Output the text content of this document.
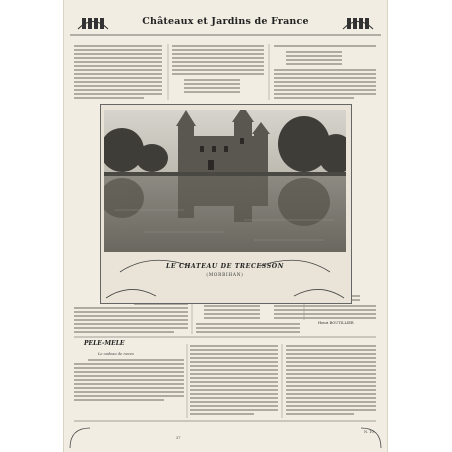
Châteaux et Jardins de France
LE CHATEAU DE TRECESSON
(MORBIHAN)
Henri BOUTILLIER
PELE-MELE
Le cadeau de noces
37
N. 10
